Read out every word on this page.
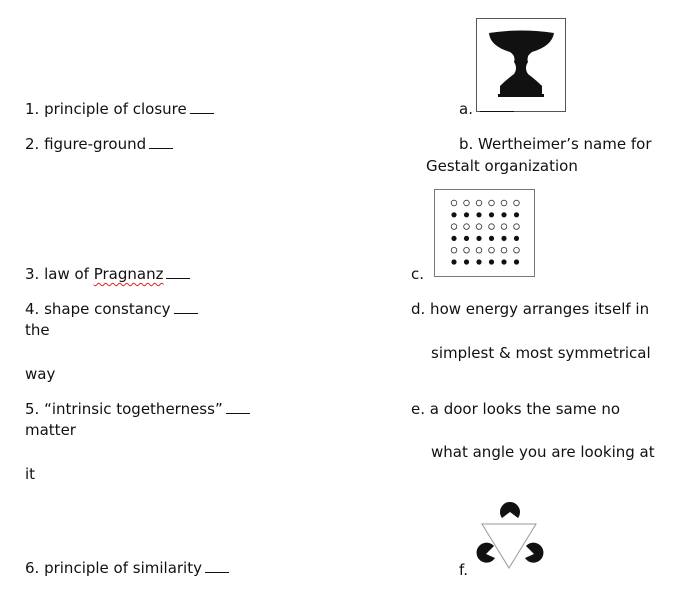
1. principle of closure
2. figure-ground
3. law of Pragnanz
4. shape constancy
the
way
5. “intrinsic togetherness”
matter
it
6. principle of similarity
a.
b. Wertheimer’s name for
Gestalt organization
c.
d. how energy arranges itself in
simplest & most symmetrical
e. a door looks the same no
what angle you are looking at
f.
